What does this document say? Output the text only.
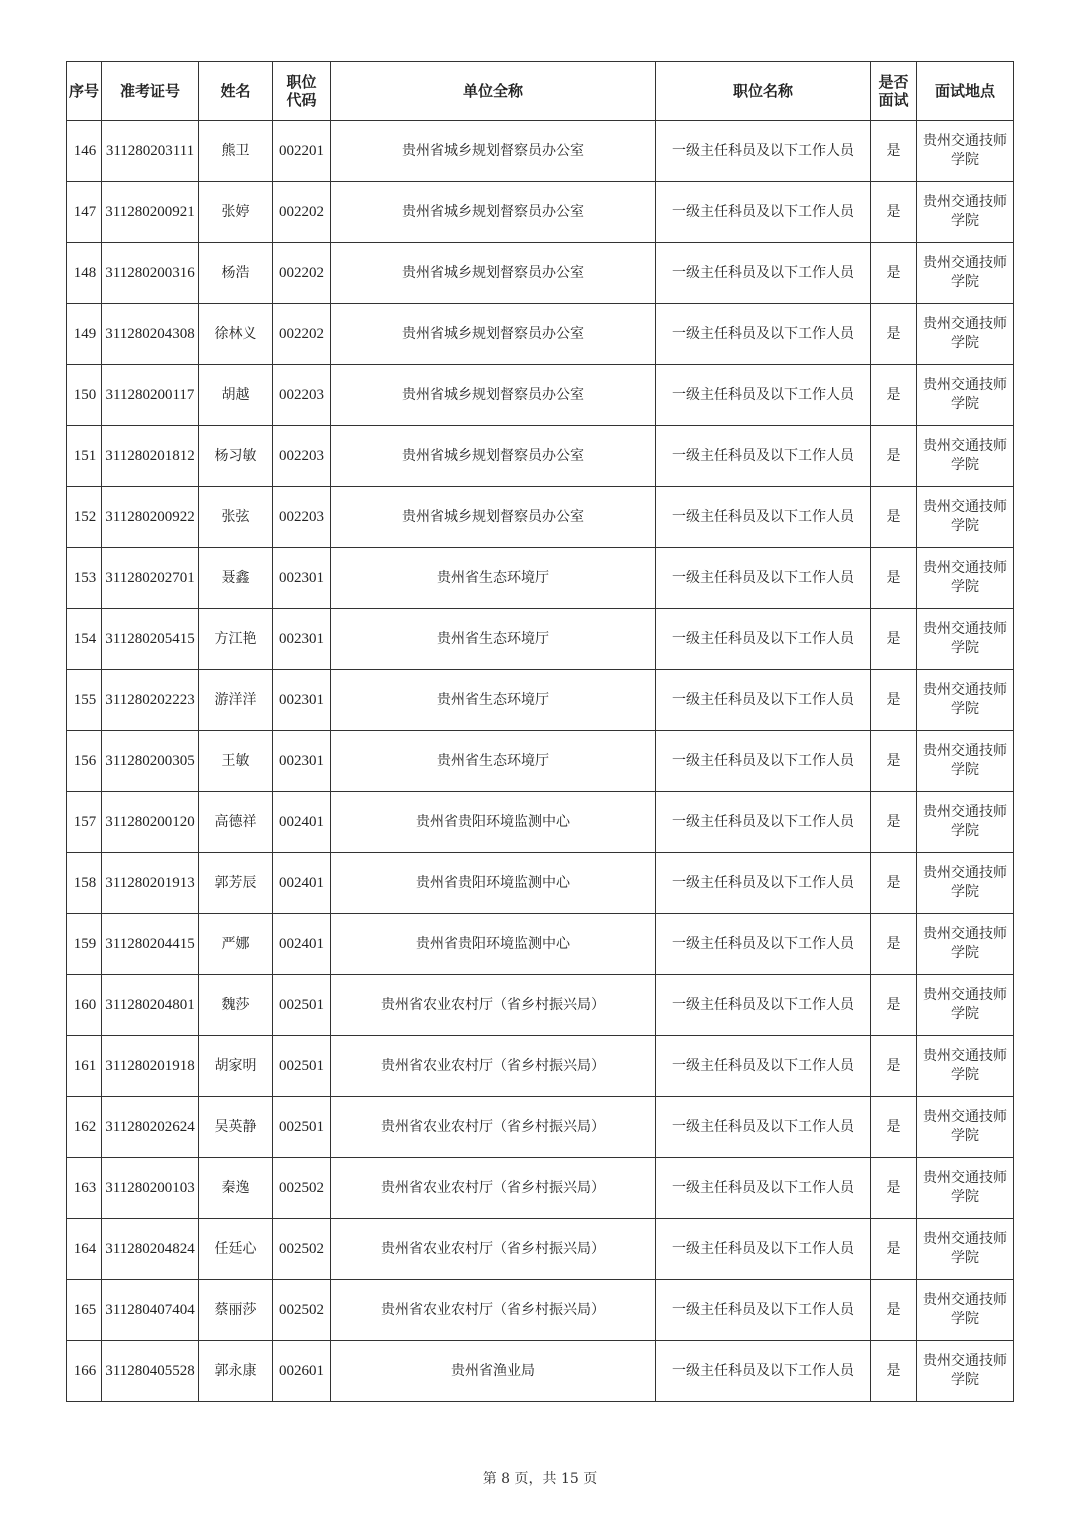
序号	准考证号	姓名	职位代码	单位全称	职位名称	是否面试	面试地点
146	311280203111	熊卫	002201	贵州省城乡规划督察员办公室	一级主任科员及以下工作人员	是	贵州交通技师学院
147	311280200921	张婷	002202	贵州省城乡规划督察员办公室	一级主任科员及以下工作人员	是	贵州交通技师学院
148	311280200316	杨浩	002202	贵州省城乡规划督察员办公室	一级主任科员及以下工作人员	是	贵州交通技师学院
149	311280204308	徐林义	002202	贵州省城乡规划督察员办公室	一级主任科员及以下工作人员	是	贵州交通技师学院
150	311280200117	胡越	002203	贵州省城乡规划督察员办公室	一级主任科员及以下工作人员	是	贵州交通技师学院
151	311280201812	杨习敏	002203	贵州省城乡规划督察员办公室	一级主任科员及以下工作人员	是	贵州交通技师学院
152	311280200922	张弦	002203	贵州省城乡规划督察员办公室	一级主任科员及以下工作人员	是	贵州交通技师学院
153	311280202701	聂鑫	002301	贵州省生态环境厅	一级主任科员及以下工作人员	是	贵州交通技师学院
154	311280205415	方江艳	002301	贵州省生态环境厅	一级主任科员及以下工作人员	是	贵州交通技师学院
155	311280202223	游洋洋	002301	贵州省生态环境厅	一级主任科员及以下工作人员	是	贵州交通技师学院
156	311280200305	王敏	002301	贵州省生态环境厅	一级主任科员及以下工作人员	是	贵州交通技师学院
157	311280200120	高德祥	002401	贵州省贵阳环境监测中心	一级主任科员及以下工作人员	是	贵州交通技师学院
158	311280201913	郭芳辰	002401	贵州省贵阳环境监测中心	一级主任科员及以下工作人员	是	贵州交通技师学院
159	311280204415	严娜	002401	贵州省贵阳环境监测中心	一级主任科员及以下工作人员	是	贵州交通技师学院
160	311280204801	魏莎	002501	贵州省农业农村厅（省乡村振兴局）	一级主任科员及以下工作人员	是	贵州交通技师学院
161	311280201918	胡家明	002501	贵州省农业农村厅（省乡村振兴局）	一级主任科员及以下工作人员	是	贵州交通技师学院
162	311280202624	吴英静	002501	贵州省农业农村厅（省乡村振兴局）	一级主任科员及以下工作人员	是	贵州交通技师学院
163	311280200103	秦逸	002502	贵州省农业农村厅（省乡村振兴局）	一级主任科员及以下工作人员	是	贵州交通技师学院
164	311280204824	任廷心	002502	贵州省农业农村厅（省乡村振兴局）	一级主任科员及以下工作人员	是	贵州交通技师学院
165	311280407404	蔡丽莎	002502	贵州省农业农村厅（省乡村振兴局）	一级主任科员及以下工作人员	是	贵州交通技师学院
166	311280405528	郭永康	002601	贵州省渔业局	一级主任科员及以下工作人员	是	贵州交通技师学院
第 8 页，共 15 页
